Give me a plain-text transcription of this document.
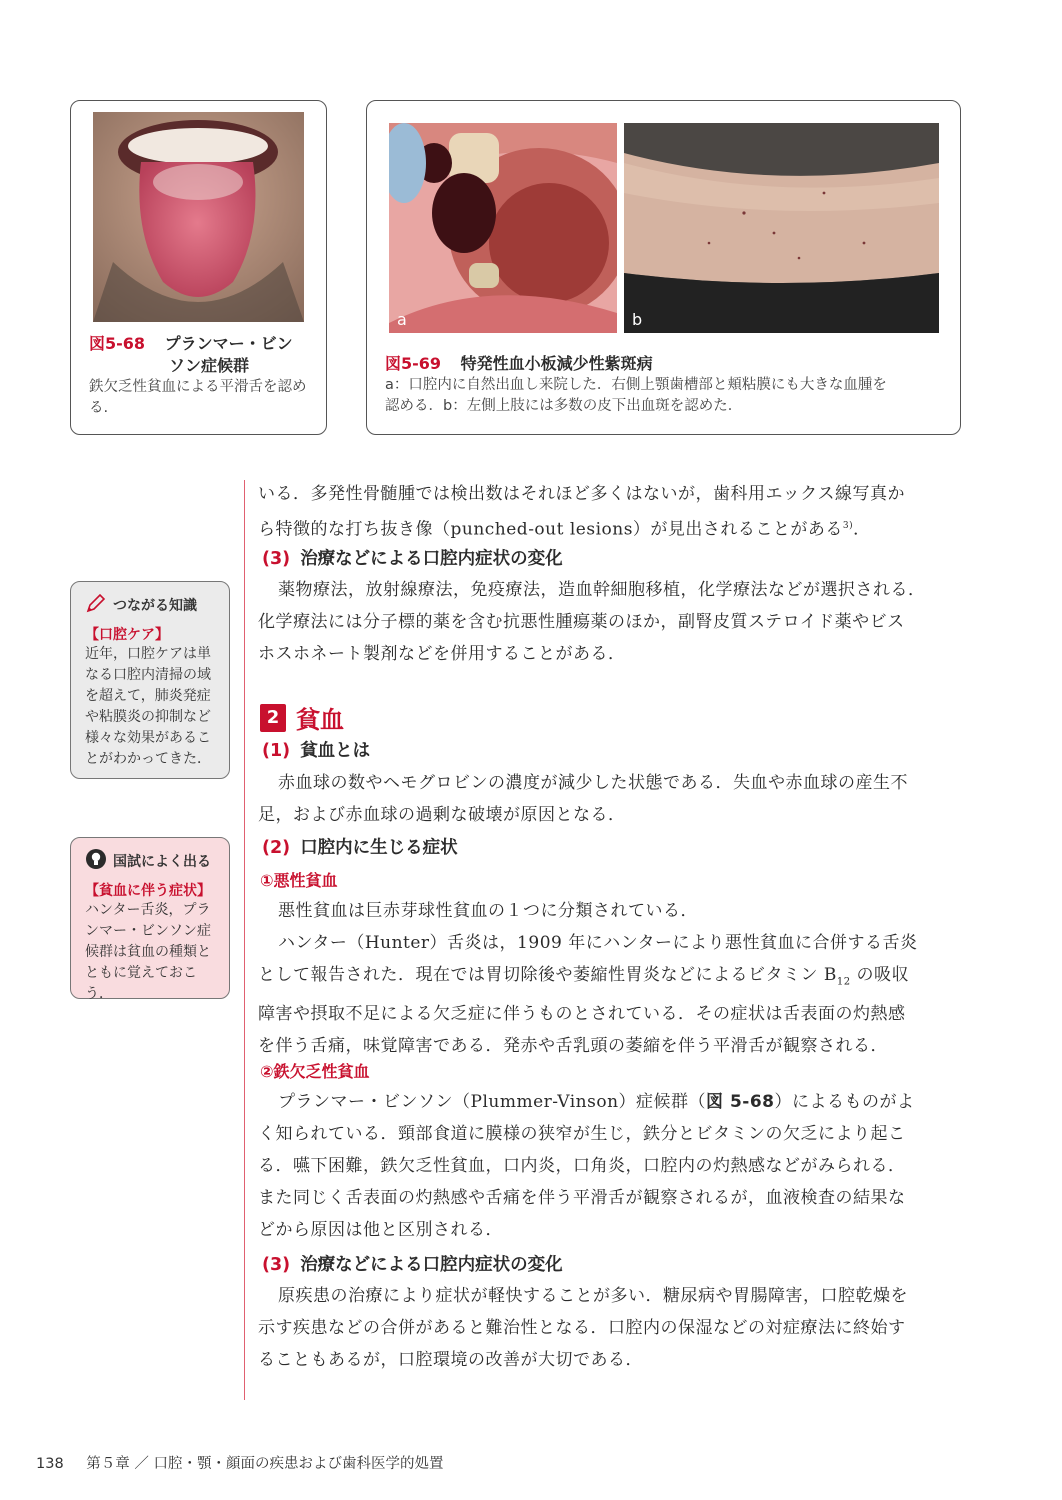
図5-68 プランマー・ビン
ソン症候群
鉄欠乏性貧血による平滑舌を認める.
a	b
図5-69 特発性血小板減少性紫斑病
a：口腔内に自然出血し来院した．右側上顎歯槽部と頬粘膜にも大きな血腫を
認める．b：左側上肢には多数の皮下出血斑を認めた．
いる．多発性骨髄腫では検出数はそれほど多くはないが，歯科用エックス線写真か
ら特徴的な打ち抜き像（punched-out lesions）が見出されることがある$^{3)}$．
(3) 治療などによる口腔内症状の変化
薬物療法，放射線療法，免疫療法，造血幹細胞移植，化学療法などが選択される．
化学療法には分子標的薬を含む抗悪性腫瘍薬のほか，副腎皮質ステロイド薬やビス
ホスホネート製剤などを併用することがある．
2 貧血
(1) 貧血とは
赤血球の数やヘモグロビンの濃度が減少した状態である．失血や赤血球の産生不
足，および赤血球の過剰な破壊が原因となる．
(2) 口腔内に生じる症状
①悪性貧血
悪性貧血は巨赤芽球性貧血の１つに分類されている．
ハンター（Hunter）舌炎は，1909 年にハンターにより悪性貧血に合併する舌炎
として報告された．現在では胃切除後や萎縮性胃炎などによるビタミン $B_{12}$ の吸収
障害や摂取不足による欠乏症に伴うものとされている．その症状は舌表面の灼熱感
を伴う舌痛，味覚障害である．発赤や舌乳頭の萎縮を伴う平滑舌が観察される．
②鉄欠乏性貧血
プランマー・ビンソン（Plummer-Vinson）症候群（図 5-68）によるものがよ
く知られている．頸部食道に膜様の狭窄が生じ，鉄分とビタミンの欠乏により起こ
る．嚥下困難，鉄欠乏性貧血，口内炎，口角炎，口腔内の灼熱感などがみられる．
また同じく舌表面の灼熱感や舌痛を伴う平滑舌が観察されるが，血液検査の結果な
どから原因は他と区別される．
(3) 治療などによる口腔内症状の変化
原疾患の治療により症状が軽快することが多い．糖尿病や胃腸障害，口腔乾燥を
示す疾患などの合併があると難治性となる．口腔内の保湿などの対症療法に終始す
ることもあるが，口腔環境の改善が大切である．
つながる知識
【口腔ケア】
近年，口腔ケアは単なる口腔内清掃の域を超えて，肺炎発症や粘膜炎の抑制など様々な効果があることがわかってきた．
国試によく出る
【貧血に伴う症状】
ハンター舌炎，プランマー・ビンソン症候群は貧血の種類とともに覚えておこう．
138 第５章 ／ 口腔・顎・顔面の疾患および歯科医学的処置
